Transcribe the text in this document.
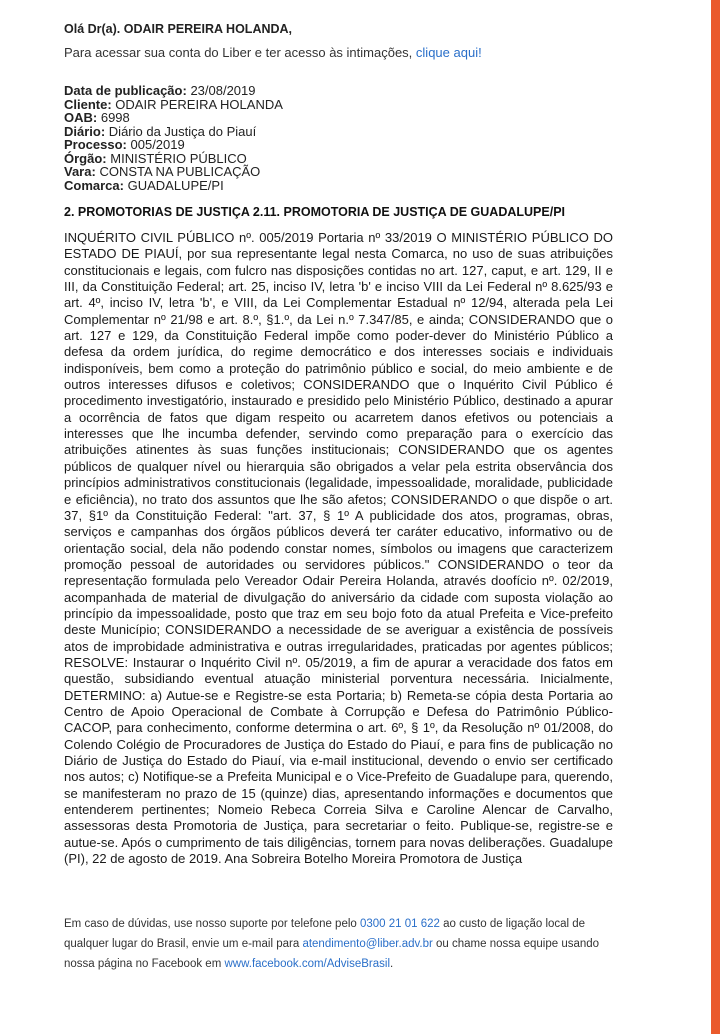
Olá Dr(a). ODAIR PEREIRA HOLANDA,
Para acessar sua conta do Liber e ter acesso às intimações, clique aqui!
Data de publicação: 23/08/2019
Cliente: ODAIR PEREIRA HOLANDA
OAB: 6998
Diário: Diário da Justiça do Piauí
Processo: 005/2019
Órgão: MINISTÉRIO PÚBLICO
Vara: CONSTA NA PUBLICAÇÃO
Comarca: GUADALUPE/PI
2. PROMOTORIAS DE JUSTIÇA 2.11. PROMOTORIA DE JUSTIÇA DE GUADALUPE/PI

INQUÉRITO CIVIL PÚBLICO nº. 005/2019 Portaria nº 33/2019 O MINISTÉRIO PÚBLICO DO ESTADO DE PIAUÍ, por sua representante legal nesta Comarca, no uso de suas atribuições constitucionais e legais, com fulcro nas disposições contidas no art. 127, caput, e art. 129, II e III, da Constituição Federal; art. 25, inciso IV, letra 'b' e inciso VIII da Lei Federal nº 8.625/93 e art. 4º, inciso IV, letra 'b', e VIII, da Lei Complementar Estadual nº 12/94, alterada pela Lei Complementar nº 21/98 e art. 8.º, §1.º, da Lei n.º 7.347/85, e ainda; CONSIDERANDO que o art. 127 e 129, da Constituição Federal impõe como poder-dever do Ministério Público a defesa da ordem jurídica, do regime democrático e dos interesses sociais e individuais indisponíveis, bem como a proteção do patrimônio público e social, do meio ambiente e de outros interesses difusos e coletivos; CONSIDERANDO que o Inquérito Civil Público é procedimento investigatório, instaurado e presidido pelo Ministério Público, destinado a apurar a ocorrência de fatos que digam respeito ou acarretem danos efetivos ou potenciais a interesses que lhe incumba defender, servindo como preparação para o exercício das atribuições atinentes às suas funções institucionais; CONSIDERANDO que os agentes públicos de qualquer nível ou hierarquia são obrigados a velar pela estrita observância dos princípios administrativos constitucionais (legalidade, impessoalidade, moralidade, publicidade e eficiência), no trato dos assuntos que lhe são afetos; CONSIDERANDO o que dispõe o art. 37, §1º da Constituição Federal: "art. 37, § 1º A publicidade dos atos, programas, obras, serviços e campanhas dos órgãos públicos deverá ter caráter educativo, informativo ou de orientação social, dela não podendo constar nomes, símbolos ou imagens que caracterizem promoção pessoal de autoridades ou servidores públicos." CONSIDERANDO o teor da representação formulada pelo Vereador Odair Pereira Holanda, através doofício nº. 02/2019, acompanhada de material de divulgação do aniversário da cidade com suposta violação ao princípio da impessoalidade, posto que traz em seu bojo foto da atual Prefeita e Vice-prefeito deste Município; CONSIDERANDO a necessidade de se averiguar a existência de possíveis atos de improbidade administrativa e outras irregularidades, praticadas por agentes públicos; RESOLVE: Instaurar o Inquérito Civil nº. 05/2019, a fim de apurar a veracidade dos fatos em questão, subsidiando eventual atuação ministerial porventura necessária. Inicialmente, DETERMINO: a) Autue-se e Registre-se esta Portaria; b) Remeta-se cópia desta Portaria ao Centro de Apoio Operacional de Combate à Corrupção e Defesa do Patrimônio Público-CACOP, para conhecimento, conforme determina o art. 6º, § 1º, da Resolução nº 01/2008, do Colendo Colégio de Procuradores de Justiça do Estado do Piauí, e para fins de publicação no Diário de Justiça do Estado do Piauí, via e-mail institucional, devendo o envio ser certificado nos autos; c) Notifique-se a Prefeita Municipal e o Vice-Prefeito de Guadalupe para, querendo, se manifesteram no prazo de 15 (quinze) dias, apresentando informações e documentos que entenderem pertinentes; Nomeio Rebeca Correia Silva e Caroline Alencar de Carvalho, assessoras desta Promotoria de Justiça, para secretariar o feito. Publique-se, registre-se e autue-se. Após o cumprimento de tais diligências, tornem para novas deliberações. Guadalupe (PI), 22 de agosto de 2019. Ana Sobreira Botelho Moreira Promotora de Justiça

Em caso de dúvidas, use nosso suporte por telefone pelo 0300 21 01 622 ao custo de ligação local de qualquer lugar do Brasil, envie um e-mail para atendimento@liber.adv.br ou chame nossa equipe usando nossa página no Facebook em www.facebook.com/AdviseBrasil.
